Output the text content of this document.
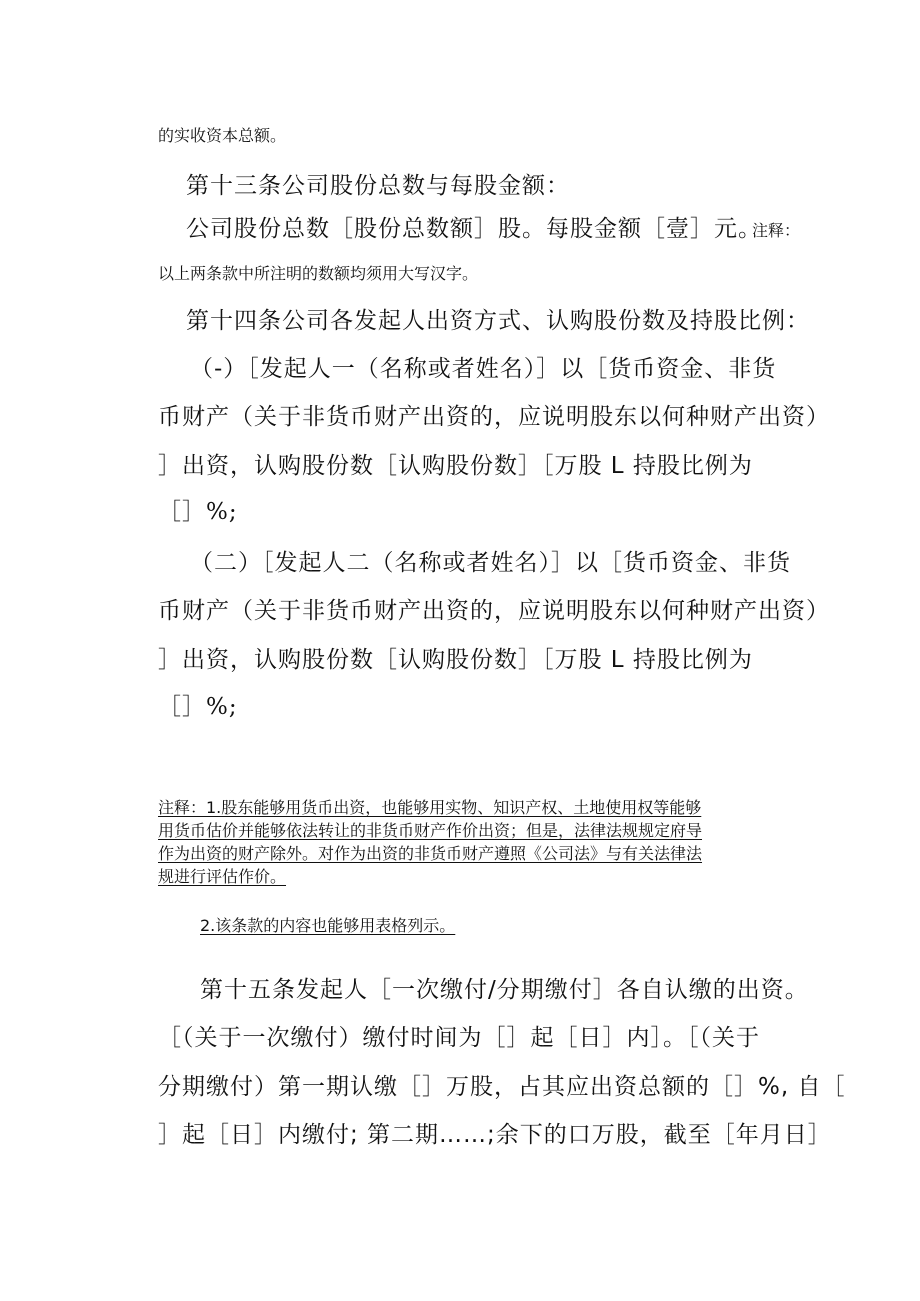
的实收资本总额。
第十三条公司股份总数与每股金额：
公司股份总数［股份总数额］股。每股金额［壹］元。
注释：
以上两条款中所注明的数额均须用大写汉字。
第十四条公司各发起人出资方式、认购股份数及持股比例：
（-）［发起人一（名称或者姓名）］以［货币资金、非货
币财产（关于非货币财产出资的，应说明股东以何种财产出资）
］出资，认购股份数［认购股份数］［万股 L 持股比例为
［］%;
（二）［发起人二（名称或者姓名）］以［货币资金、非货
币财产（关于非货币财产出资的，应说明股东以何种财产出资）
］出资，认购股份数［认购股份数］［万股 L 持股比例为
［］%;
注释：1.股东能够用货币出资，也能够用实物、知识产权、土地使用权等能够
用货币估价并能够依法转让的非货币财产作价出资；但是，法律法规规定府导
作为出资的财产除外。对作为出资的非货币财产遵照《公司法》与有关法律法
规进行评估作价。
2.该条款的内容也能够用表格列示。
第十五条发起人［一次缴付/分期缴付］各自认缴的出资。
［（关于一次缴付）缴付时间为［］起［日］内］。［（关于
分期缴付）第一期认缴［］万股，占其应出资总额的［］%, 自［
］起［日］内缴付; 第二期……;余下的口万股，截至［年月日］
